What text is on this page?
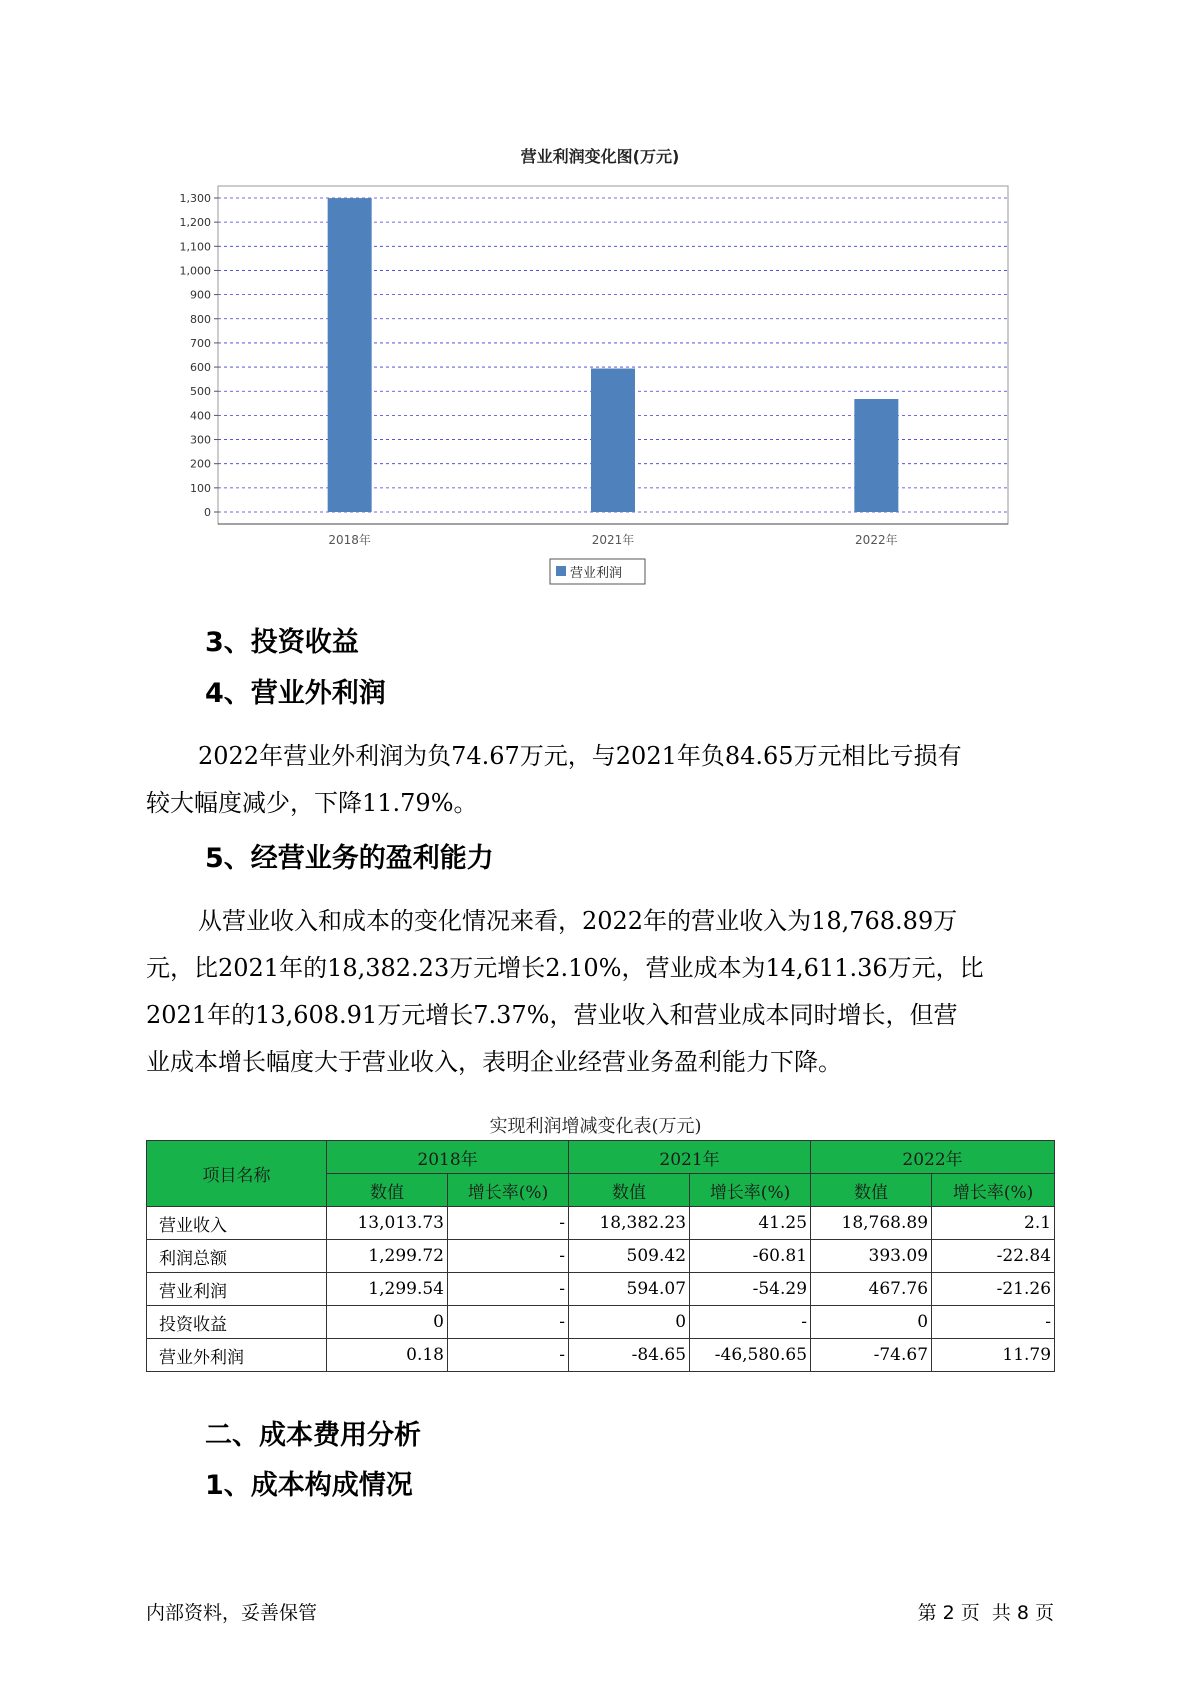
营业利润变化图(万元)
0
100
200
300
400
500
600
700
800
900
1,000
1,100
1,200
1,300
2018年	2021年	2022年
营业利润
3、投资收益
4、营业外利润

2022年营业外利润为负74.67万元，与2021年负84.65万元相比亏损有
较大幅度减少，下降11.79%。

5、经营业务的盈利能力

从营业收入和成本的变化情况来看，2022年的营业收入为18,768.89万
元，比2021年的18,382.23万元增长2.10%，营业成本为14,611.36万元，比
2021年的13,608.91万元增长7.37%，营业收入和营业成本同时增长，但营
业成本增长幅度大于营业收入，表明企业经营业务盈利能力下降。

实现利润增减变化表(万元)
项目名称	2018年		2021年		2022年	
	数值	增长率(%)	数值	增长率(%)	数值	增长率(%)
营业收入	13,013.73	-	18,382.23	41.25	18,768.89	2.1
利润总额	1,299.72	-	509.42	-60.81	393.09	-22.84
营业利润	1,299.54	-	594.07	-54.29	467.76	-21.26
投资收益	0	-	0	-	0	-
营业外利润	0.18	-	-84.65	-46,580.65	-74.67	11.79
二、成本费用分析
1、成本构成情况
内部资料，妥善保管	第 2 页  共 8 页
